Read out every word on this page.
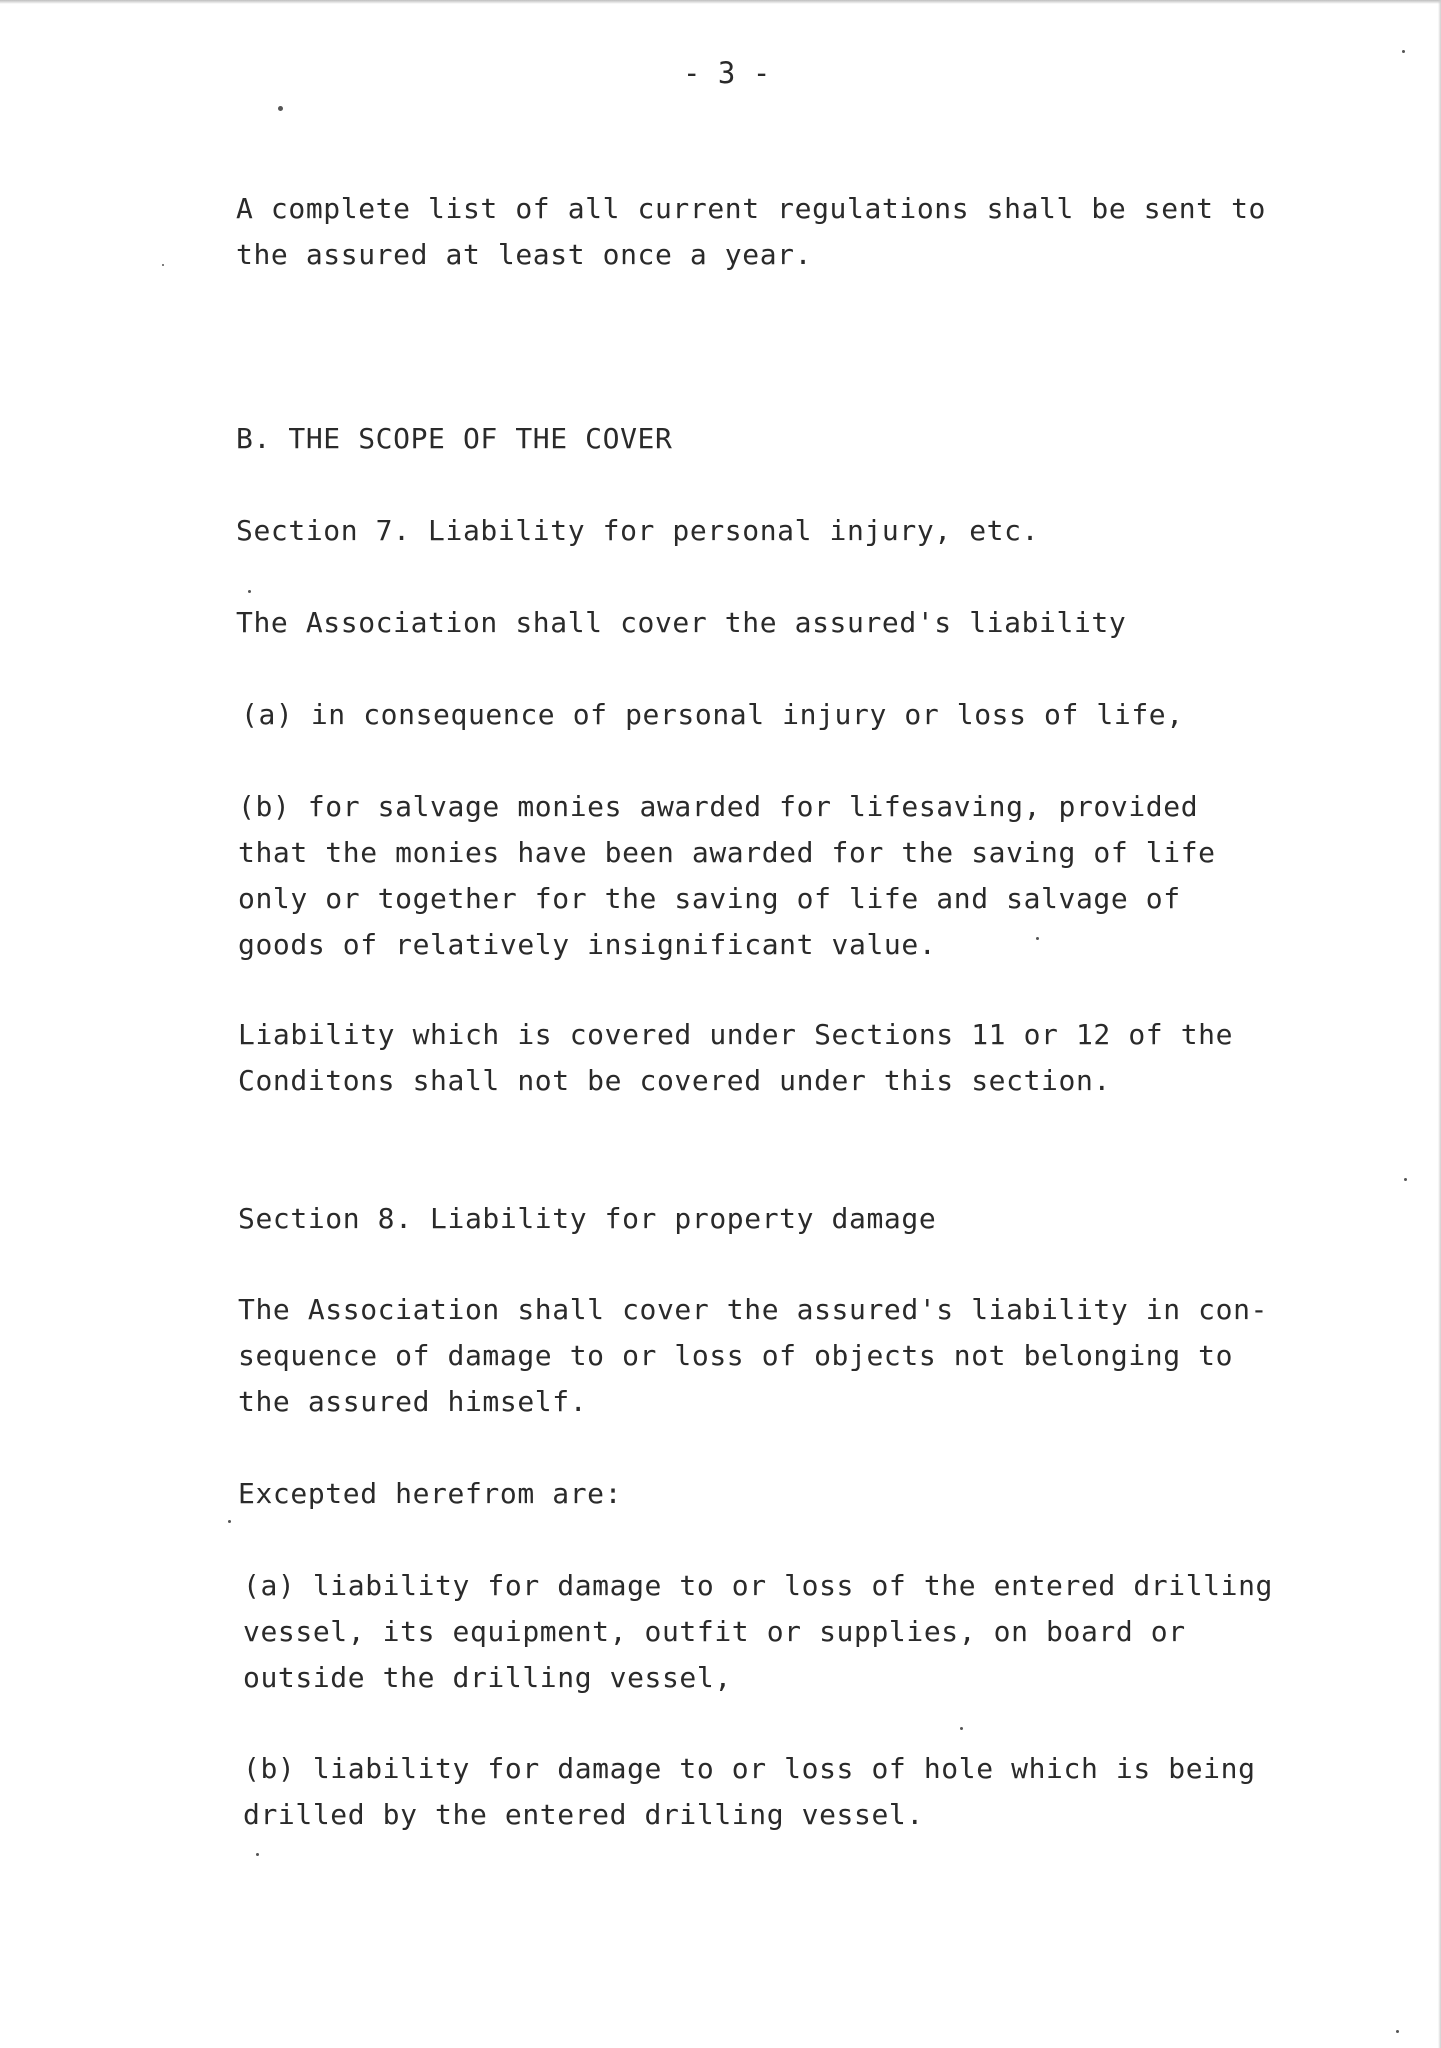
- 3 -
A complete list of all current regulations shall be sent to
the assured at least once a year.
B. THE SCOPE OF THE COVER
Section 7. Liability for personal injury, etc.
The Association shall cover the assured's liability
(a) in consequence of personal injury or loss of life,
(b) for salvage monies awarded for lifesaving, provided
that the monies have been awarded for the saving of life
only or together for the saving of life and salvage of
goods of relatively insignificant value.
Liability which is covered under Sections 11 or 12 of the
Conditons shall not be covered under this section.
Section 8. Liability for property damage
The Association shall cover the assured's liability in con-
sequence of damage to or loss of objects not belonging to
the assured himself.
Excepted herefrom are:
(a) liability for damage to or loss of the entered drilling
vessel, its equipment, outfit or supplies, on board or
outside the drilling vessel,
(b) liability for damage to or loss of hole which is being
drilled by the entered drilling vessel.
